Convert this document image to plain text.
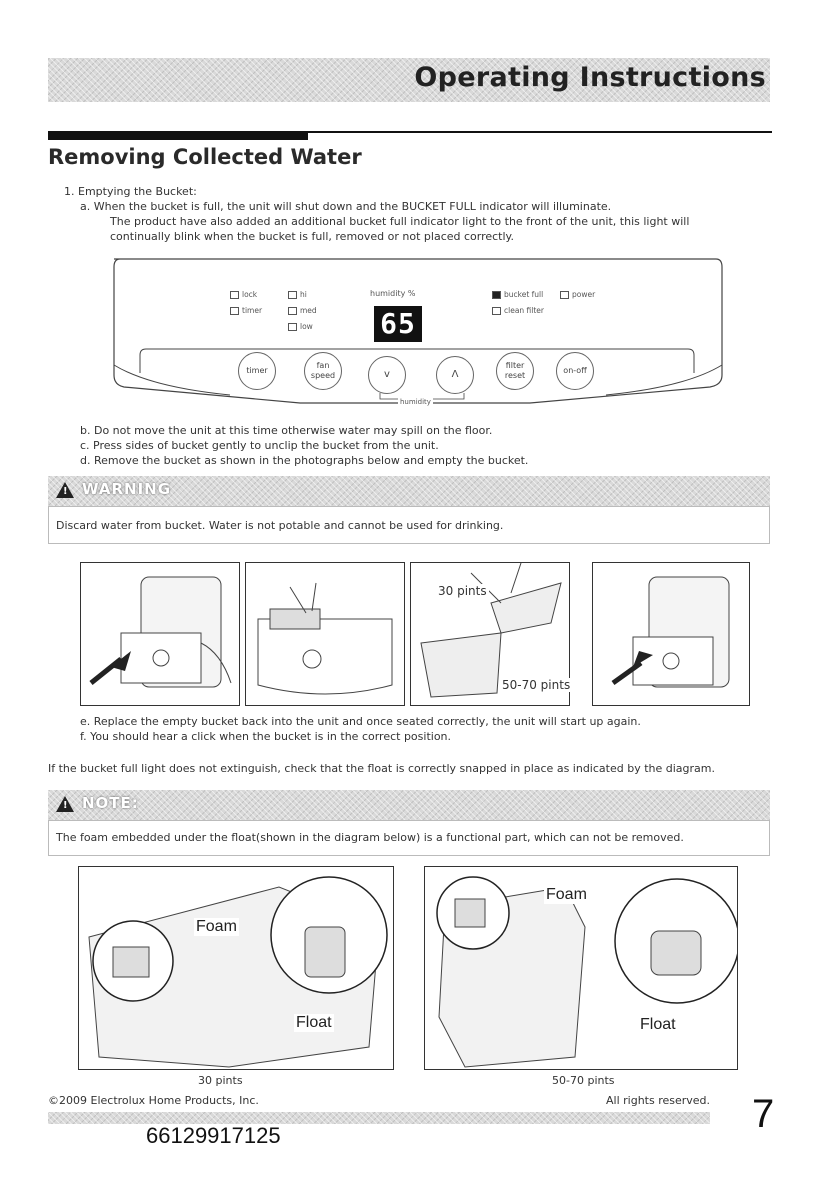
Operating Instructions
Removing Collected Water
1. Emptying the Bucket:
a. When the bucket is full, the unit will shut down and the BUCKET FULL indicator will illuminate.
The product have also added an additional bucket full indicator light to the front of the unit, this light will
continually blink when the bucket is full, removed or not placed correctly.
lock
timer
hi
med
low
humidity %	bucket full	power
clean filter
65
timer
fan
speed	v	Λ
filter
reset
on-off
humidity
b. Do not move the unit at this time otherwise water may spill on the floor.
c. Press sides of bucket gently to unclip the bucket from the unit.
d. Remove the bucket as shown in the photographs below and empty the bucket.
! WARNING
Discard water from bucket. Water is not potable and cannot be used for drinking.
30 pints
50-70 pints
e. Replace the empty bucket back into the unit and once seated correctly, the unit will start up again.
f. You should hear a click when the bucket is in the correct position.
If the bucket full light does not extinguish, check that the float is correctly snapped in place as indicated by the diagram.
! NOTE:
The foam embedded under the float(shown in the diagram below) is a functional part, which can not be removed.
Foam
Float
Foam
Float
30 pints	50-70 pints
©2009 Electrolux Home Products, Inc.	All rights reserved.
66129917125	7
